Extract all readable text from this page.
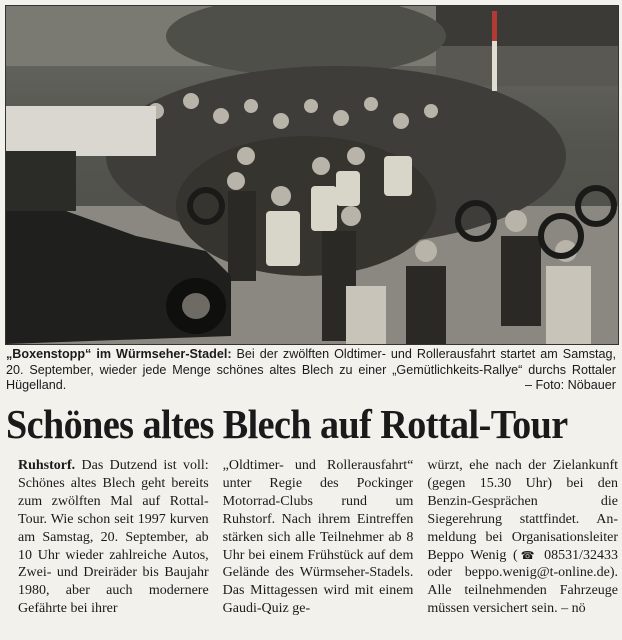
„Boxenstopp“ im Würmseher-Stadel: Bei der zwölften Oldtimer- und Rollerausfahrt startet am Samstag, 20. September, wieder jede Menge schönes altes Blech zu einer „Gemütlichkeits-Rallye“ durchs Rottaler Hügelland.	– Foto: Nöbauer
Schönes altes Blech auf Rottal-Tour

Ruhstorf. Das Dutzend ist voll: Schönes altes Blech geht bereits zum zwölften Mal auf Rottal-Tour. Wie schon seit 1997 kurven am Samstag, 20. September, ab 10 Uhr wieder zahlreiche Autos, Zwei- und Dreiräder bis Baujahr 1980, aber auch modernere Gefährte bei ihrer

„Oldtimer- und Rollerausfahrt“ unter Regie des Pockinger Motorrad-Clubs rund um Ruhstorf. Nach ihrem Eintreffen stärken sich alle Teilnehmer ab 8 Uhr bei einem Frühstück auf dem Gelände des Würmseher-Stadels. Das Mittagessen wird mit einem Gaudi-Quiz ge-

würzt, ehe nach der Zielankunft (gegen 15.30 Uhr) bei den Benzin-Gesprächen die Siegerehrung stattfindet. Anmeldung bei Organisationsleiter Beppo Wenig (☎ 08531/32433 oder beppo.wenig@t-online.de). Alle teilnehmenden Fahrzeuge müssen versichert sein. – nö
